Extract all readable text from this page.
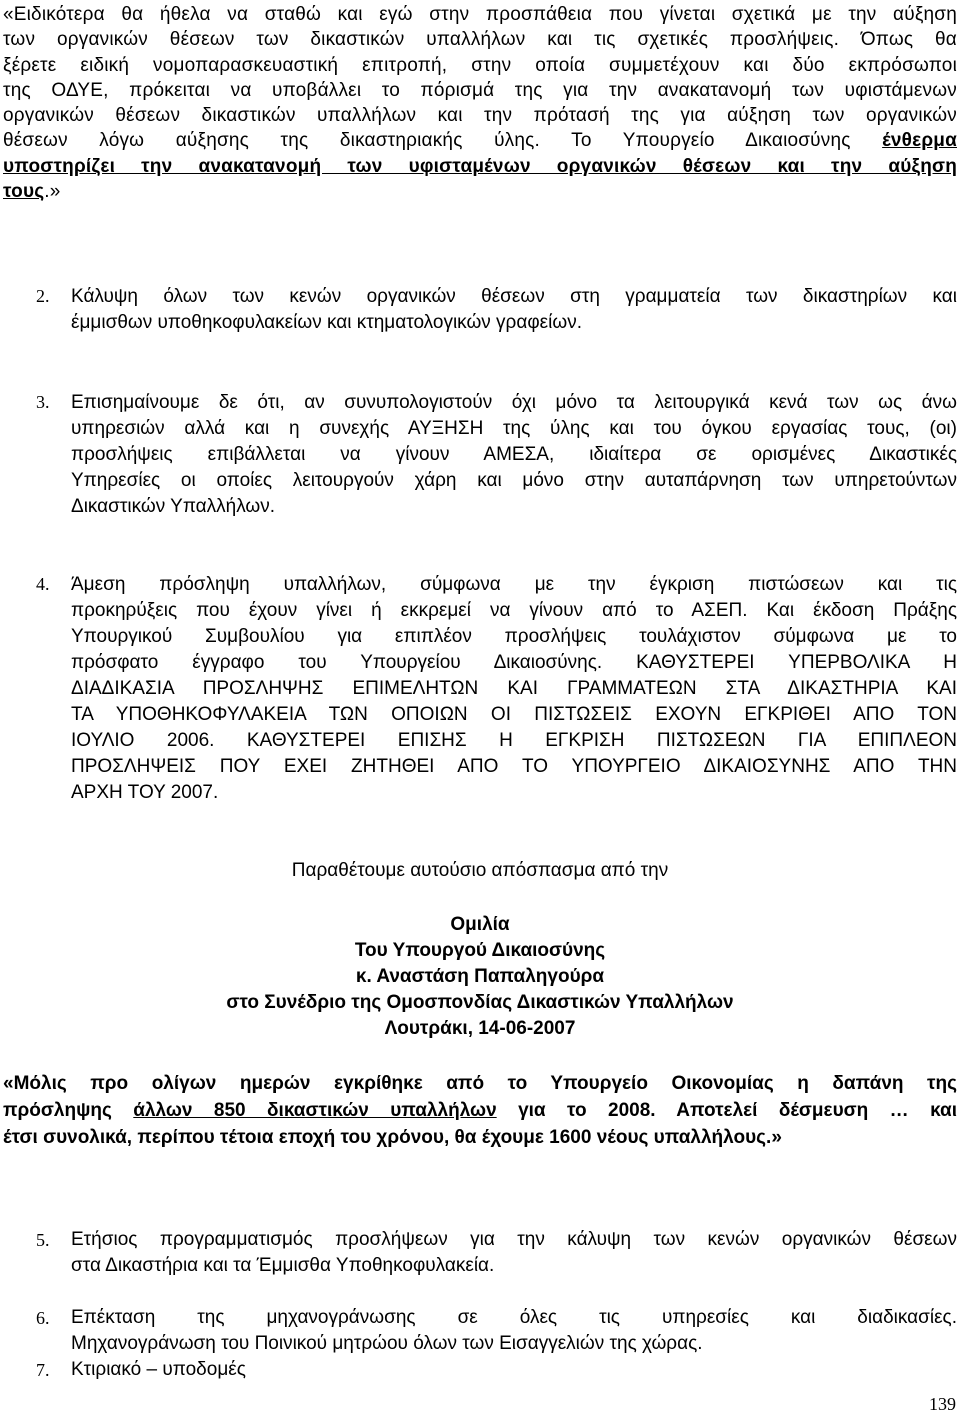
«Ειδικότερα θα ήθελα να σταθώ και εγώ στην προσπάθεια που γίνεται σχετικά με την αύξηση
των οργανικών θέσεων των δικαστικών υπαλλήλων και τις σχετικές προσλήψεις. Όπως θα
ξέρετε ειδική νομοπαρασκευαστική επιτροπή, στην οποία συμμετέχουν και δύο εκπρόσωποι
της ΟΔΥΕ, πρόκειται να υποβάλλει το πόρισμά της για την ανακατανομή των υφιστάμενων
οργανικών θέσεων δικαστικών υπαλλήλων και την πρότασή της για αύξηση των οργανικών
θέσεων λόγω αύξησης της δικαστηριακής ύλης. Το Υπουργείο Δικαιοσύνης ένθερμα
υποστηρίζει την ανακατανομή των υφισταμένων οργανικών θέσεων και την αύξηση
τους.»
2. Κάλυψη όλων των κενών οργανικών θέσεων στη γραμματεία των δικαστηρίων και
έμμισθων υποθηκοφυλακείων και κτηματολογικών γραφείων.
3. Επισημαίνουμε δε ότι, αν συνυπολογιστούν όχι μόνο τα λειτουργικά κενά των ως άνω
υπηρεσιών αλλά και η συνεχής ΑΥΞΗΣΗ της ύλης και του όγκου εργασίας τους, (οι)
προσλήψεις επιβάλλεται να γίνουν ΑΜΕΣΑ, ιδιαίτερα σε ορισμένες Δικαστικές
Υπηρεσίες οι οποίες λειτουργούν χάρη και μόνο στην αυταπάρνηση των υπηρετούντων
Δικαστικών Υπαλλήλων.
4. Άμεση πρόσληψη υπαλλήλων, σύμφωνα με την έγκριση πιστώσεων και τις
προκηρύξεις που έχουν γίνει ή εκκρεμεί να γίνουν από το ΑΣΕΠ. Και έκδοση Πράξης
Υπουργικού Συμβουλίου για επιπλέον προσλήψεις τουλάχιστον σύμφωνα με το
πρόσφατο έγγραφο του Υπουργείου Δικαιοσύνης. ΚΑΘΥΣΤΕΡΕΙ ΥΠΕΡΒΟΛΙΚΑ Η
ΔΙΑΔΙΚΑΣΙΑ ΠΡΟΣΛΗΨΗΣ ΕΠΙΜΕΛΗΤΩΝ ΚΑΙ ΓΡΑΜΜΑΤΕΩΝ ΣΤΑ ΔΙΚΑΣΤΗΡΙΑ ΚΑΙ
ΤΑ ΥΠΟΘΗΚΟΦΥΛΑΚΕΙΑ ΤΩΝ ΟΠΟΙΩΝ ΟΙ ΠΙΣΤΩΣΕΙΣ ΕΧΟΥΝ ΕΓΚΡΙΘΕΙ ΑΠΟ ΤΟΝ
ΙΟΥΛΙΟ 2006. ΚΑΘΥΣΤΕΡΕΙ ΕΠΙΣΗΣ Η ΕΓΚΡΙΣΗ ΠΙΣΤΩΣΕΩΝ ΓΙΑ ΕΠΙΠΛΕΟΝ
ΠΡΟΣΛΗΨΕΙΣ ΠΟΥ ΕΧΕΙ ΖΗΤΗΘΕΙ ΑΠΟ ΤΟ ΥΠΟΥΡΓΕΙΟ ΔΙΚΑΙΟΣΥΝΗΣ ΑΠΟ ΤΗΝ
ΑΡΧΗ ΤΟΥ 2007.
Παραθέτουμε αυτούσιο απόσπασμα από την
Ομιλία
Του Υπουργού Δικαιοσύνης
κ. Αναστάση Παπαληγούρα
στο Συνέδριο της Ομοσπονδίας Δικαστικών Υπαλλήλων
Λουτράκι, 14-06-2007
«Μόλις προ ολίγων ημερών εγκρίθηκε από το Υπουργείο Οικονομίας η δαπάνη της
πρόσληψης άλλων 850 δικαστικών υπαλλήλων για το 2008. Αποτελεί δέσμευση … και
έτσι συνολικά, περίπου τέτοια εποχή του χρόνου, θα έχουμε 1600 νέους υπαλλήλους.»
5. Ετήσιος προγραμματισμός προσλήψεων για την κάλυψη των κενών οργανικών θέσεων
στα Δικαστήρια και τα Έμμισθα Υποθηκοφυλακεία.
6. Επέκταση της μηχανογράνωσης σε όλες τις υπηρεσίες και διαδικασίες.
Μηχανογράνωση του Ποινικού μητρώου όλων των Εισαγγελιών της χώρας.
7. Κτιριακό – υποδομές
139
